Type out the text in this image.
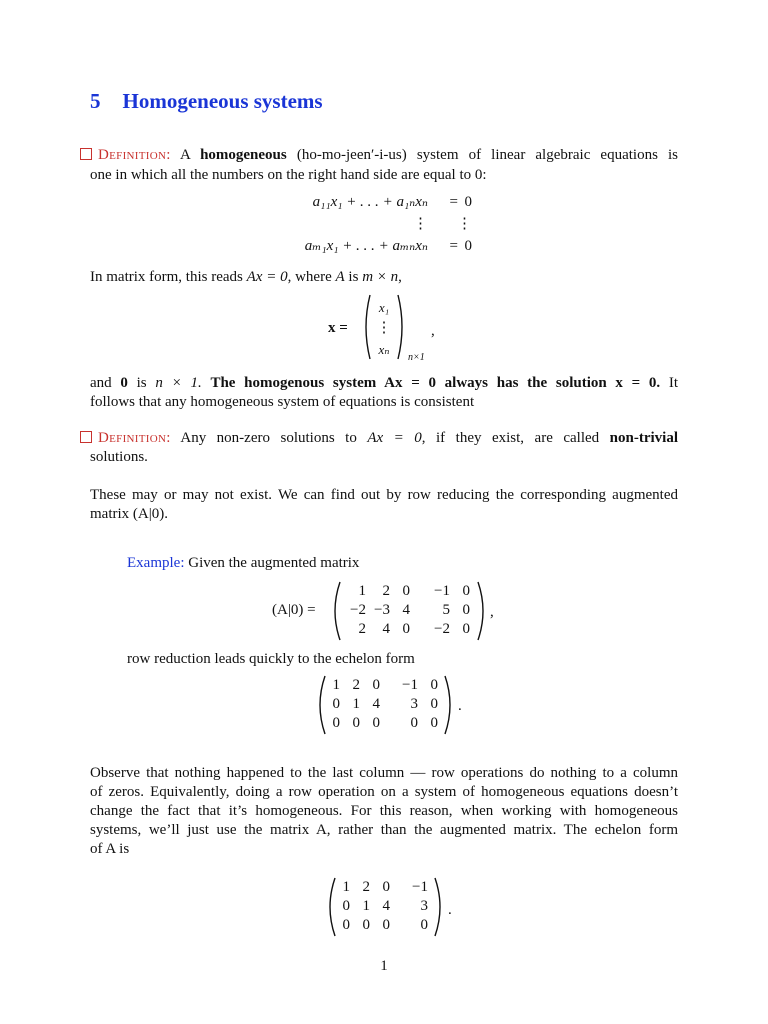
5 Homogeneous systems
Definition: A homogeneous (ho-mo-jeen′-i-us) system of linear algebraic equations is
one in which all the numbers on the right hand side are equal to 0:
a₁₁x₁ + . . . + a₁ₙxₙ = 0
⋮ ⋮
aₘ₁x₁ + . . . + aₘₙxₙ = 0
In matrix form, this reads Ax = 0, where A is m × n,
x =
x₁
⋮
xₙ
n×1
,
and 0 is n × 1. The homogenous system Ax = 0 always has the solution x = 0. It
follows that any homogeneous system of equations is consistent
Definition: Any non-zero solutions to Ax = 0, if they exist, are called non-trivial
solutions.
These may or may not exist. We can find out by row reducing the corresponding augmented
matrix (A|0).
Example: Given the augmented matrix
(A|0) =
1 2 0 −1 0
−2 −3 4 5 0
2 4 0 −2 0
,
row reduction leads quickly to the echelon form
1 2 0 −1 0
0 1 4 3 0
0 0 0 0 0
.
Observe that nothing happened to the last column — row operations do nothing to a column
of zeros. Equivalently, doing a row operation on a system of homogeneous equations doesn’t
change the fact that it’s homogeneous. For this reason, when working with homogeneous
systems, we’ll just use the matrix A, rather than the augmented matrix. The echelon form
of A is
1 2 0 −1
0 1 4 3
0 0 0 0
.
1
